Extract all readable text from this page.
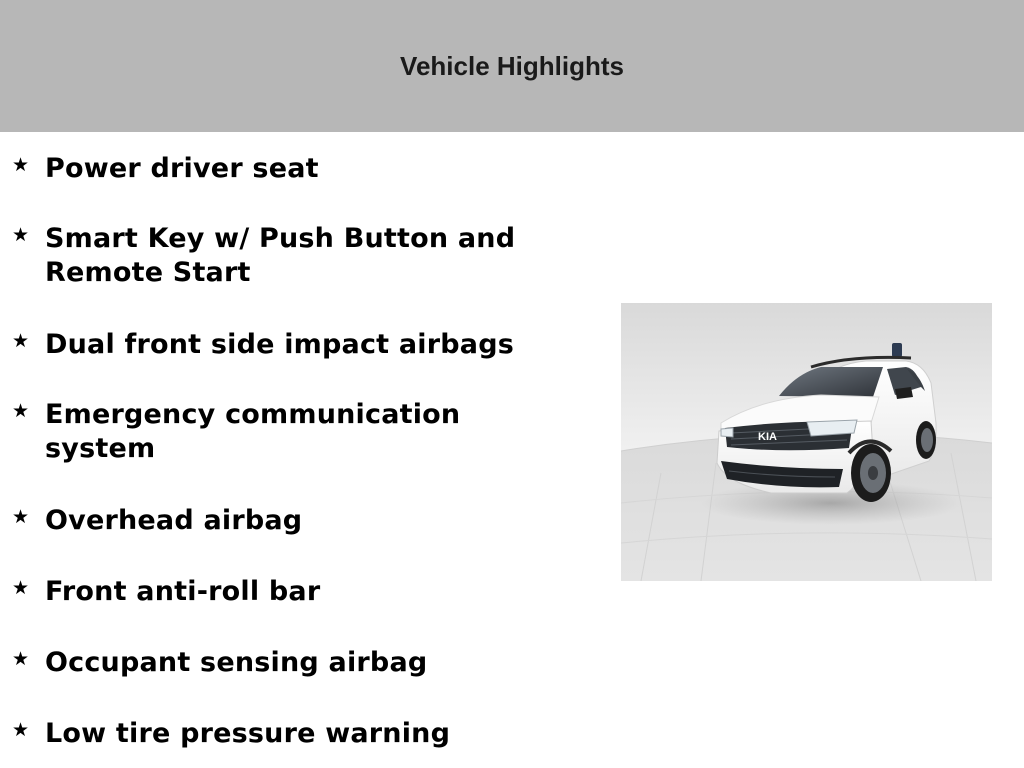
Vehicle Highlights
★ Power driver seat
★ Smart Key w/ Push Button and Remote Start
★ Dual front side impact airbags
★ Emergency communication system
★ Overhead airbag
★ Front anti-roll bar
★ Occupant sensing airbag
★ Low tire pressure warning
KIA
